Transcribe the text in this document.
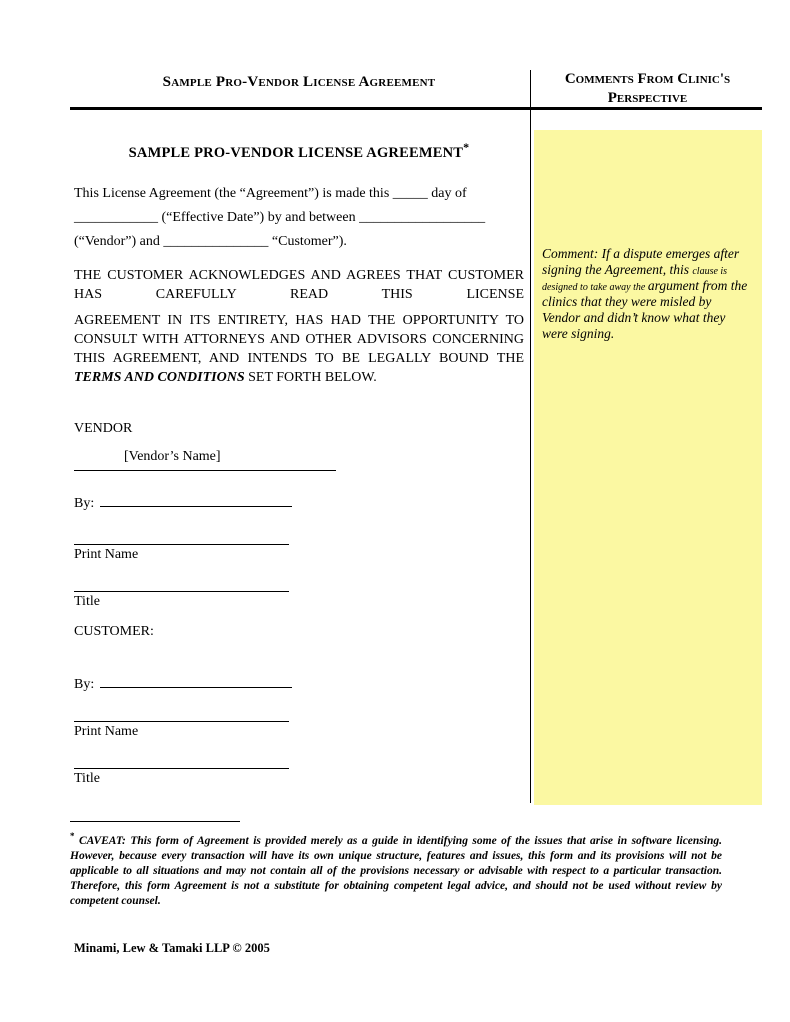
Sample Pro-Vendor License Agreement	Comments From Clinic's Perspective

Comment: If a dispute emerges after signing the Agreement, this clause is designed to take away the argument from the clinics that they were misled by Vendor and didn’t know what they were signing.

SAMPLE PRO-VENDOR LICENSE AGREEMENT*

This License Agreement (the “Agreement”) is made this _____ day of ____________ (“Effective Date”) by and between __________________ (“Vendor”) and _______________ “Customer”).

THE CUSTOMER ACKNOWLEDGES AND AGREES THAT CUSTOMER HAS CAREFULLY READ THIS LICENSE

AGREEMENT IN ITS ENTIRETY, HAS HAD THE OPPORTUNITY TO CONSULT WITH ATTORNEYS AND OTHER ADVISORS CONCERNING THIS AGREEMENT, AND INTENDS TO BE LEGALLY BOUND THE TERMS AND CONDITIONS SET FORTH BELOW.

VENDOR
[Vendor’s Name]
By:
Print Name
Title
CUSTOMER:
By:
Print Name
Title

* CAVEAT: This form of Agreement is provided merely as a guide in identifying some of the issues that arise in software licensing. However, because every transaction will have its own unique structure, features and issues, this form and its provisions will not be applicable to all situations and may not contain all of the provisions necessary or advisable with respect to a particular transaction. Therefore, this form Agreement is not a substitute for obtaining competent legal advice, and should not be used without review by competent counsel.

Minami, Lew & Tamaki LLP © 2005
